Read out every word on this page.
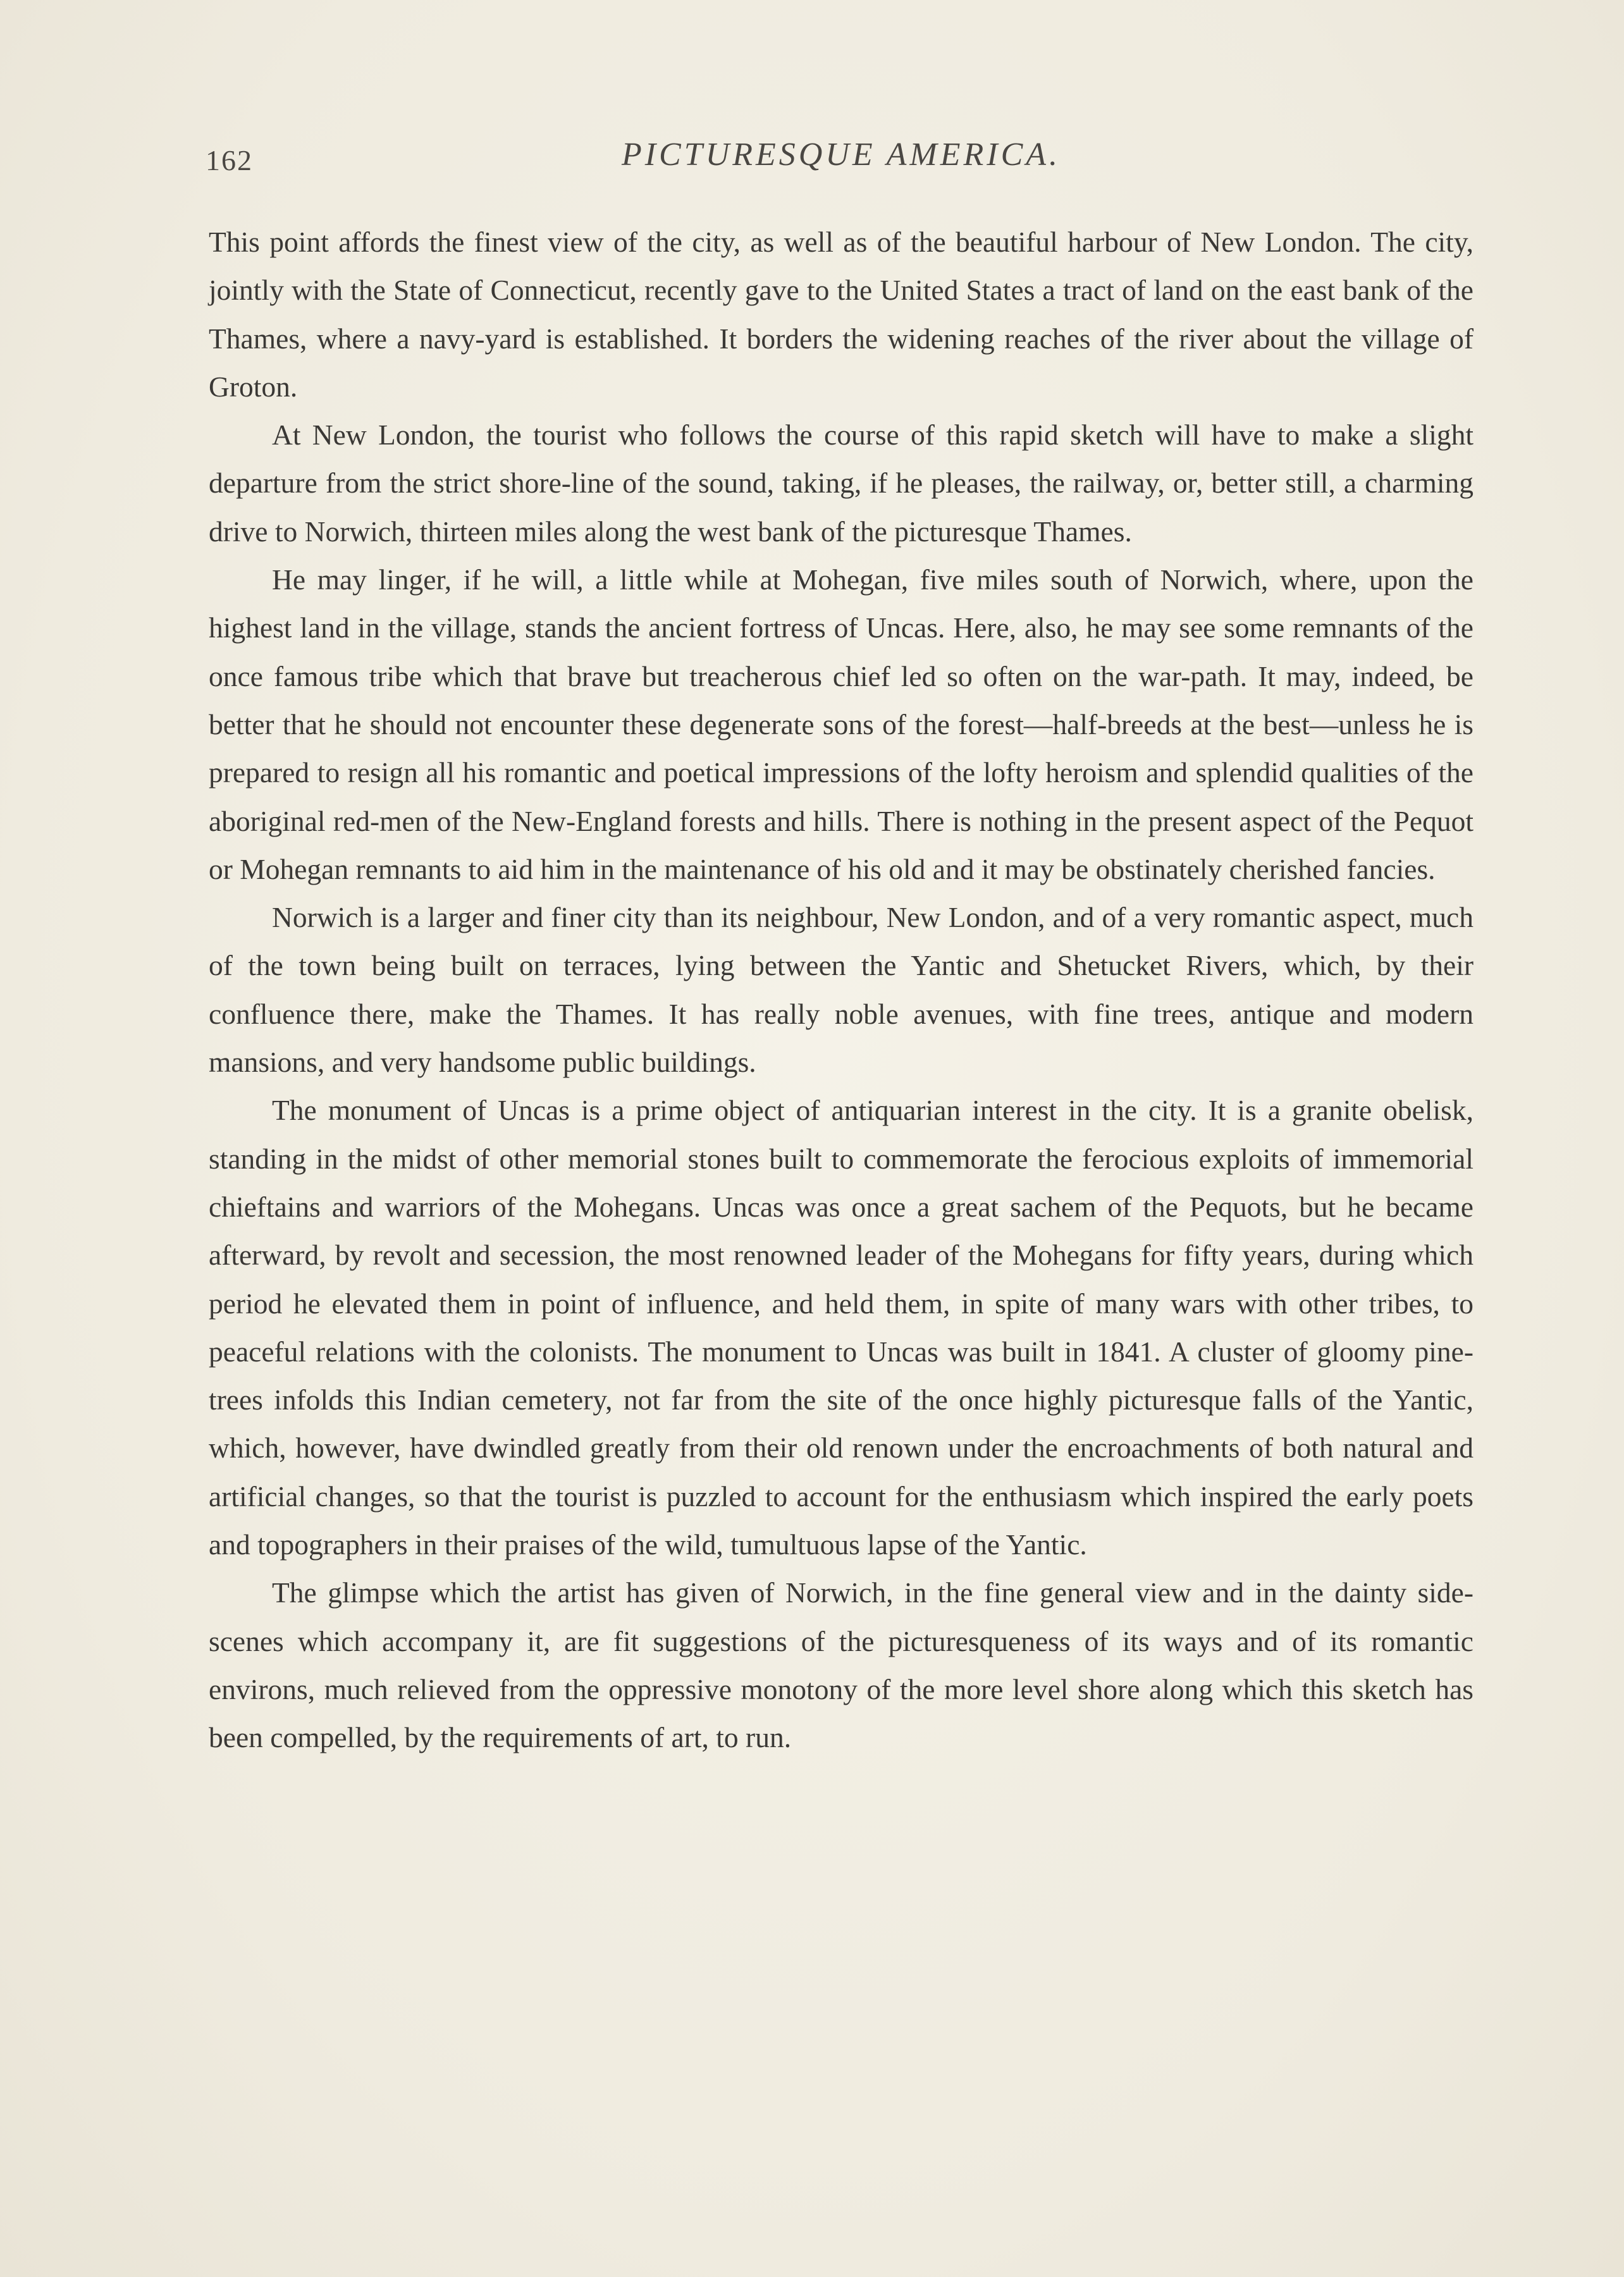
162	PICTURESQUE AMERICA.

This point affords the finest view of the city, as well as of the beautiful harbour of New London. The city, jointly with the State of Connecticut, recently gave to the United States a tract of land on the east bank of the Thames, where a navy-yard is established. It borders the widening reaches of the river about the village of Groton.

At New London, the tourist who follows the course of this rapid sketch will have to make a slight departure from the strict shore-line of the sound, taking, if he pleases, the railway, or, better still, a charming drive to Norwich, thirteen miles along the west bank of the picturesque Thames.

He may linger, if he will, a little while at Mohegan, five miles south of Norwich, where, upon the highest land in the village, stands the ancient fortress of Uncas. Here, also, he may see some remnants of the once famous tribe which that brave but treacherous chief led so often on the war-path. It may, indeed, be better that he should not encounter these degenerate sons of the forest—half-breeds at the best—unless he is prepared to resign all his romantic and poetical impressions of the lofty heroism and splendid qualities of the aboriginal red-men of the New-England forests and hills. There is nothing in the present aspect of the Pequot or Mohegan remnants to aid him in the maintenance of his old and it may be obstinately cherished fancies.

Norwich is a larger and finer city than its neighbour, New London, and of a very romantic aspect, much of the town being built on terraces, lying between the Yantic and Shetucket Rivers, which, by their confluence there, make the Thames. It has really noble avenues, with fine trees, antique and modern mansions, and very handsome public buildings.

The monument of Uncas is a prime object of antiquarian interest in the city. It is a granite obelisk, standing in the midst of other memorial stones built to commemorate the ferocious exploits of immemorial chieftains and warriors of the Mohegans. Uncas was once a great sachem of the Pequots, but he became afterward, by revolt and secession, the most renowned leader of the Mohegans for fifty years, during which period he elevated them in point of influence, and held them, in spite of many wars with other tribes, to peaceful relations with the colonists. The monument to Uncas was built in 1841. A cluster of gloomy pine-trees infolds this Indian cemetery, not far from the site of the once highly picturesque falls of the Yantic, which, however, have dwindled greatly from their old renown under the encroachments of both natural and artificial changes, so that the tourist is puzzled to account for the enthusiasm which inspired the early poets and topographers in their praises of the wild, tumultuous lapse of the Yantic.

The glimpse which the artist has given of Norwich, in the fine general view and in the dainty side-scenes which accompany it, are fit suggestions of the picturesqueness of its ways and of its romantic environs, much relieved from the oppressive monotony of the more level shore along which this sketch has been compelled, by the requirements of art, to run.
